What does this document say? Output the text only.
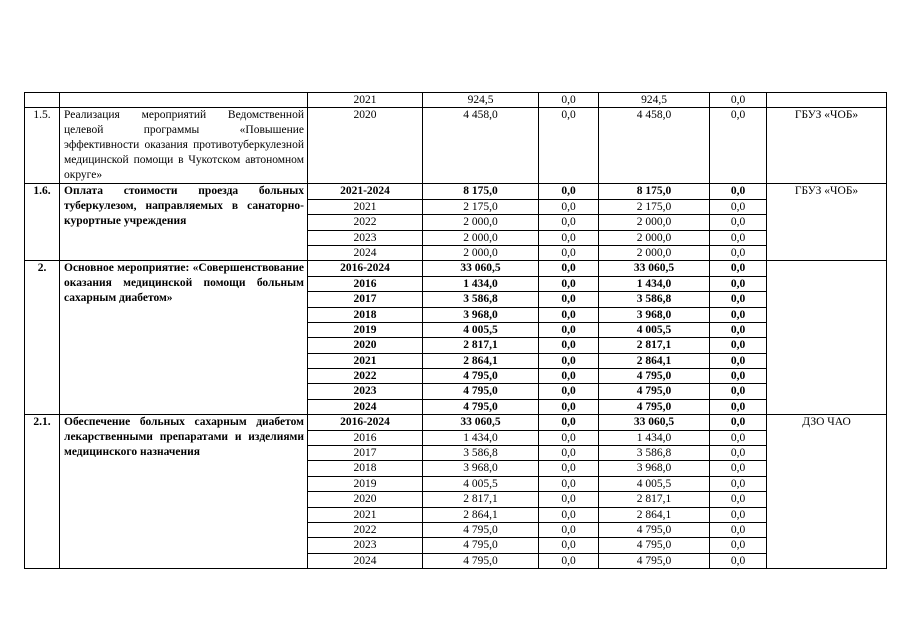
		2021	924,5	0,0	924,5	0,0	
1.5.	Реализация мероприятий Ведомственной целевой программы «Повышение эффективности оказания противотуберкулезной медицинской помощи в Чукотском автономном округе»	2020	4 458,0	0,0	4 458,0	0,0	ГБУЗ «ЧОБ»
1.6.	Оплата стоимости проезда больных туберкулезом, направляемых в санаторно-курортные учреждения	2021-2024	8 175,0	0,0	8 175,0	0,0	ГБУЗ «ЧОБ»
		2021	2 175,0	0,0	2 175,0	0,0	
		2022	2 000,0	0,0	2 000,0	0,0	
		2023	2 000,0	0,0	2 000,0	0,0	
		2024	2 000,0	0,0	2 000,0	0,0	
2.	Основное мероприятие: «Совершенствование оказания медицинской помощи больным сахарным диабетом»	2016-2024	33 060,5	0,0	33 060,5	0,0	
		2016	1 434,0	0,0	1 434,0	0,0	
		2017	3 586,8	0,0	3 586,8	0,0	
		2018	3 968,0	0,0	3 968,0	0,0	
		2019	4 005,5	0,0	4 005,5	0,0	
		2020	2 817,1	0,0	2 817,1	0,0	
		2021	2 864,1	0,0	2 864,1	0,0	
		2022	4 795,0	0,0	4 795,0	0,0	
		2023	4 795,0	0,0	4 795,0	0,0	
		2024	4 795,0	0,0	4 795,0	0,0	
2.1.	Обеспечение больных сахарным диабетом лекарственными препаратами и изделиями медицинского назначения	2016-2024	33 060,5	0,0	33 060,5	0,0	ДЗО ЧАО
		2016	1 434,0	0,0	1 434,0	0,0	
		2017	3 586,8	0,0	3 586,8	0,0	
		2018	3 968,0	0,0	3 968,0	0,0	
		2019	4 005,5	0,0	4 005,5	0,0	
		2020	2 817,1	0,0	2 817,1	0,0	
		2021	2 864,1	0,0	2 864,1	0,0	
		2022	4 795,0	0,0	4 795,0	0,0	
		2023	4 795,0	0,0	4 795,0	0,0	
		2024	4 795,0	0,0	4 795,0	0,0	
